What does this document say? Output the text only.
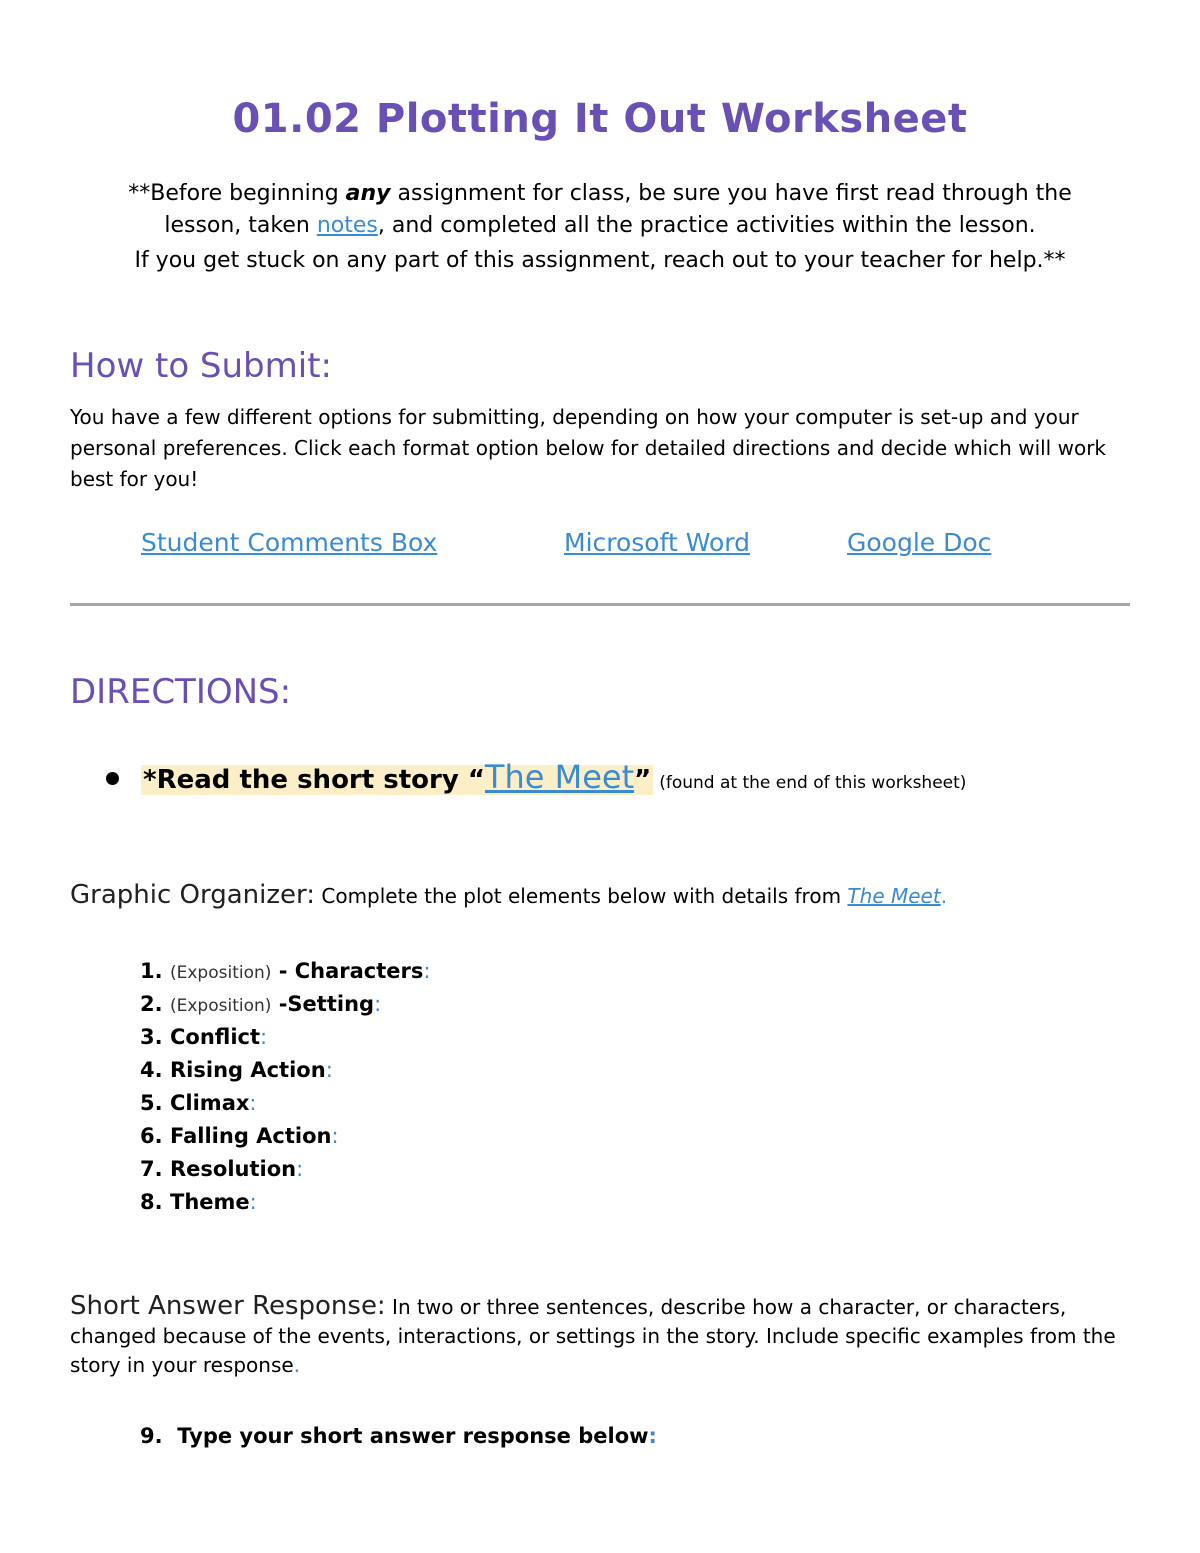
01.02 Plotting It Out Worksheet
**Before beginning any assignment for class, be sure you have first read through the
lesson, taken notes, and completed all the practice activities within the lesson.
If you get stuck on any part of this assignment, reach out to your teacher for help.**
How to Submit:
You have a few different options for submitting, depending on how your computer is set-up and your personal preferences. Click each format option below for detailed directions and decide which will work best for you!
Student Comments Box	Microsoft Word	Google Doc
DIRECTIONS:
*Read the short story “The Meet” (found at the end of this worksheet)
Graphic Organizer: Complete the plot elements below with details from The Meet.
1. (Exposition) - Characters:
2. (Exposition) -Setting:
3. Conflict:
4. Rising Action:
5. Climax:
6. Falling Action:
7. Resolution:
8. Theme:
Short Answer Response: In two or three sentences, describe how a character, or characters, changed because of the events, interactions, or settings in the story. Include specific examples from the story in your response.
9. Type your short answer response below:
